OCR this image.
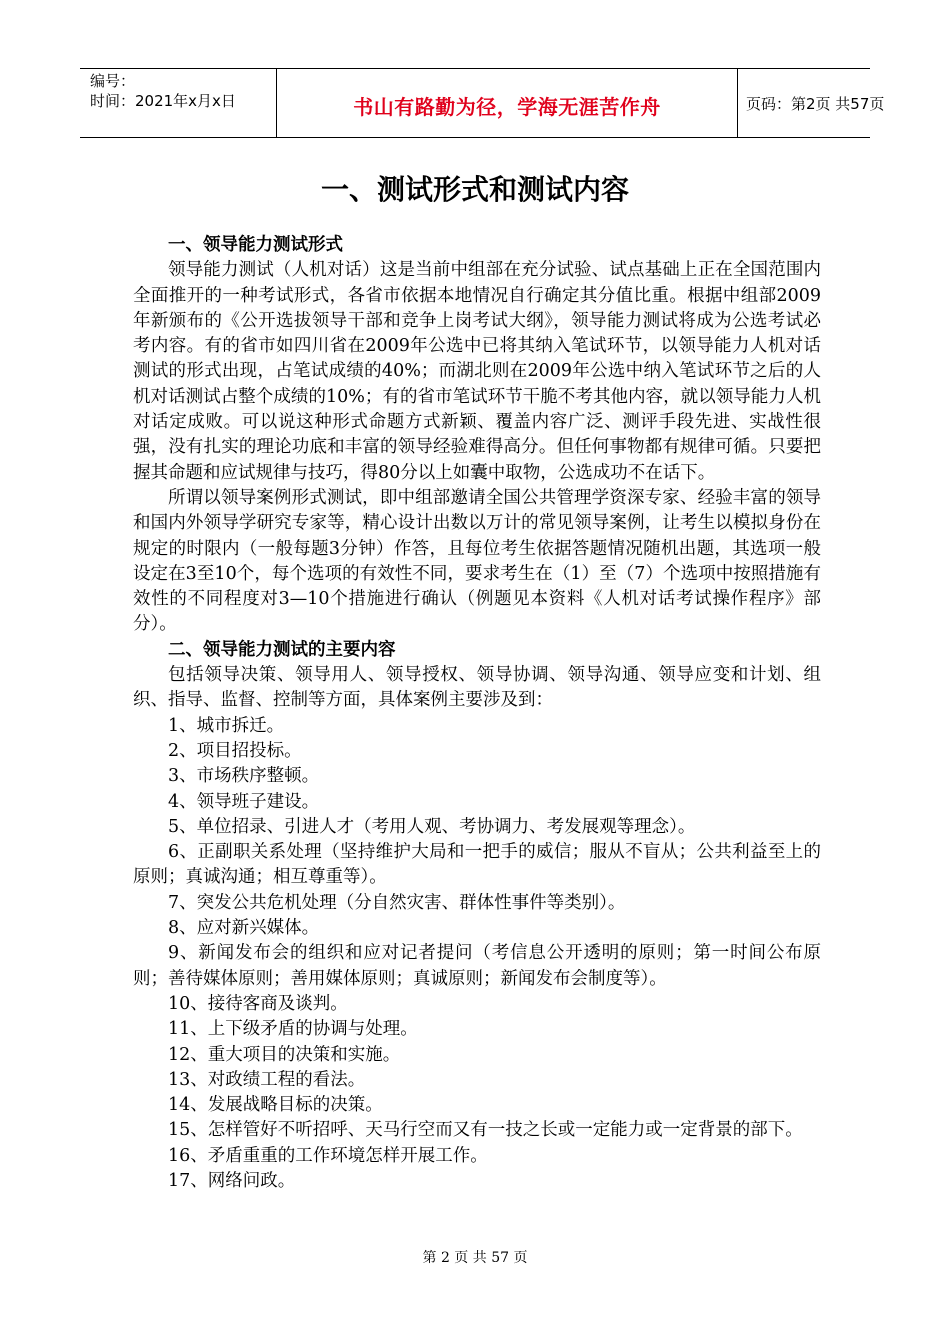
编号：
时间：2021年x月x日	书山有路勤为径，学海无涯苦作舟	页码：第2页 共57页
一、测试形式和测试内容

一、领导能力测试形式

领导能力测试（人机对话）这是当前中组部在充分试验、试点基础上正在全国范围内全面推开的一种考试形式，各省市依据本地情况自行确定其分值比重。根据中组部2009年新颁布的《公开选拔领导干部和竞争上岗考试大纲》，领导能力测试将成为公选考试必考内容。有的省市如四川省在2009年公选中已将其纳入笔试环节，以领导能力人机对话测试的形式出现，占笔试成绩的40%；而湖北则在2009年公选中纳入笔试环节之后的人机对话测试占整个成绩的10%；有的省市笔试环节干脆不考其他内容，就以领导能力人机对话定成败。可以说这种形式命题方式新颖、覆盖内容广泛、测评手段先进、实战性很强，没有扎实的理论功底和丰富的领导经验难得高分。但任何事物都有规律可循。只要把握其命题和应试规律与技巧，得80分以上如囊中取物，公选成功不在话下。

所谓以领导案例形式测试，即中组部邀请全国公共管理学资深专家、经验丰富的领导和国内外领导学研究专家等，精心设计出数以万计的常见领导案例，让考生以模拟身份在规定的时限内（一般每题3分钟）作答，且每位考生依据答题情况随机出题，其选项一般设定在3至10个，每个选项的有效性不同，要求考生在（1）至（7）个选项中按照措施有效性的不同程度对3—10个措施进行确认（例题见本资料《人机对话考试操作程序》部分）。

二、领导能力测试的主要内容

包括领导决策、领导用人、领导授权、领导协调、领导沟通、领导应变和计划、组织、指导、监督、控制等方面，具体案例主要涉及到：

1、城市拆迁。

2、项目招投标。

3、市场秩序整顿。

4、领导班子建设。

5、单位招录、引进人才（考用人观、考协调力、考发展观等理念）。

6、正副职关系处理（坚持维护大局和一把手的威信；服从不盲从；公共利益至上的原则；真诚沟通；相互尊重等）。

7、突发公共危机处理（分自然灾害、群体性事件等类别）。

8、应对新兴媒体。

9、新闻发布会的组织和应对记者提问（考信息公开透明的原则；第一时间公布原则；善待媒体原则；善用媒体原则；真诚原则；新闻发布会制度等）。

10、接待客商及谈判。

11、上下级矛盾的协调与处理。

12、重大项目的决策和实施。

13、对政绩工程的看法。

14、发展战略目标的决策。

15、怎样管好不听招呼、天马行空而又有一技之长或一定能力或一定背景的部下。

16、矛盾重重的工作环境怎样开展工作。

17、网络问政。

第 2 页 共 57 页
